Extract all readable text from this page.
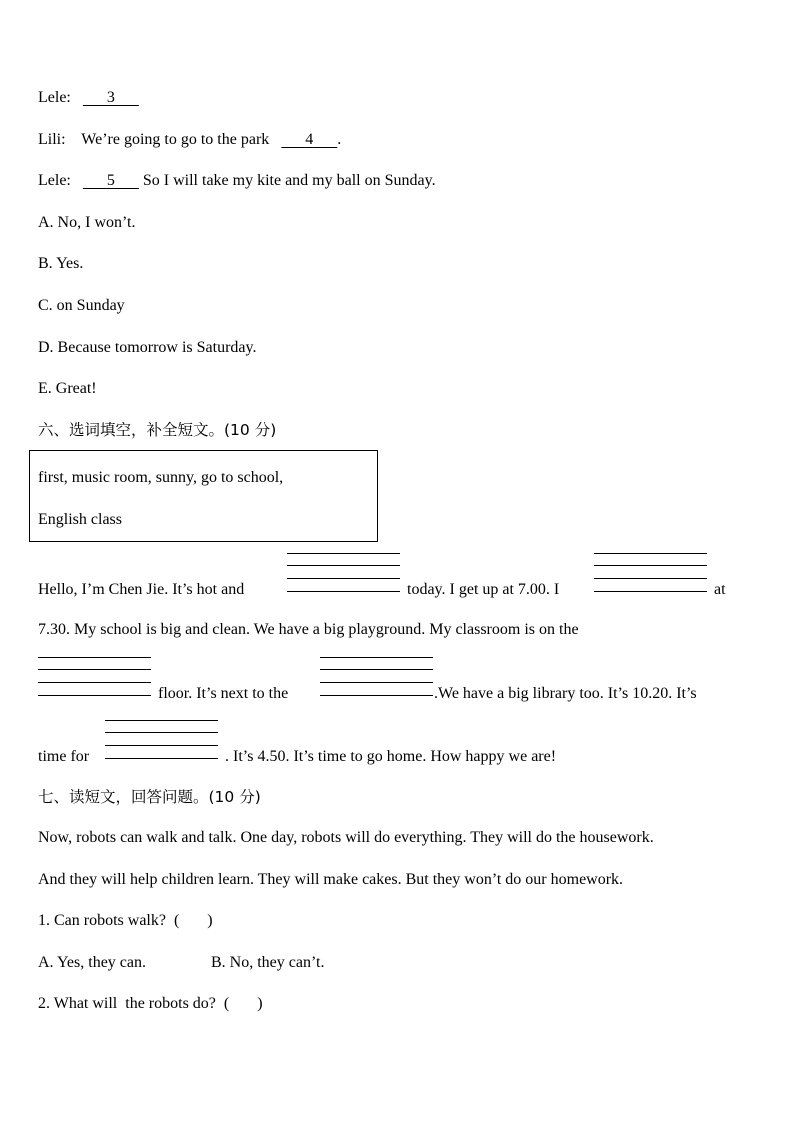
Lele: 3
Lili: We’re going to go to the park 4 .
Lele: 5 So I will take my kite and my ball on Sunday.
A. No, I won’t.
B. Yes.
C. on Sunday
D. Because tomorrow is Saturday.
E. Great!
六、选词填空，补全短文。(10 分)
first, music room, sunny, go to school,
English class
Hello, I’m Chen Jie. It’s hot and	today. I get up at 7.00. I	at
7.30. My school is big and clean. We have a big playground. My classroom is on the
floor. It’s next to the	.We have a big library too. It’s 10.20. It’s
time for	. It’s 4.50. It’s time to go home. How happy we are!
七、读短文，回答问题。(10 分)
Now, robots can walk and talk. One day, robots will do everything. They will do the housework.
And they will help children learn. They will make cakes. But they won’t do our homework.
1. Can robots walk?  (       )
A. Yes, they can.	B. No, they can’t.
2. What will  the robots do?  (       )
